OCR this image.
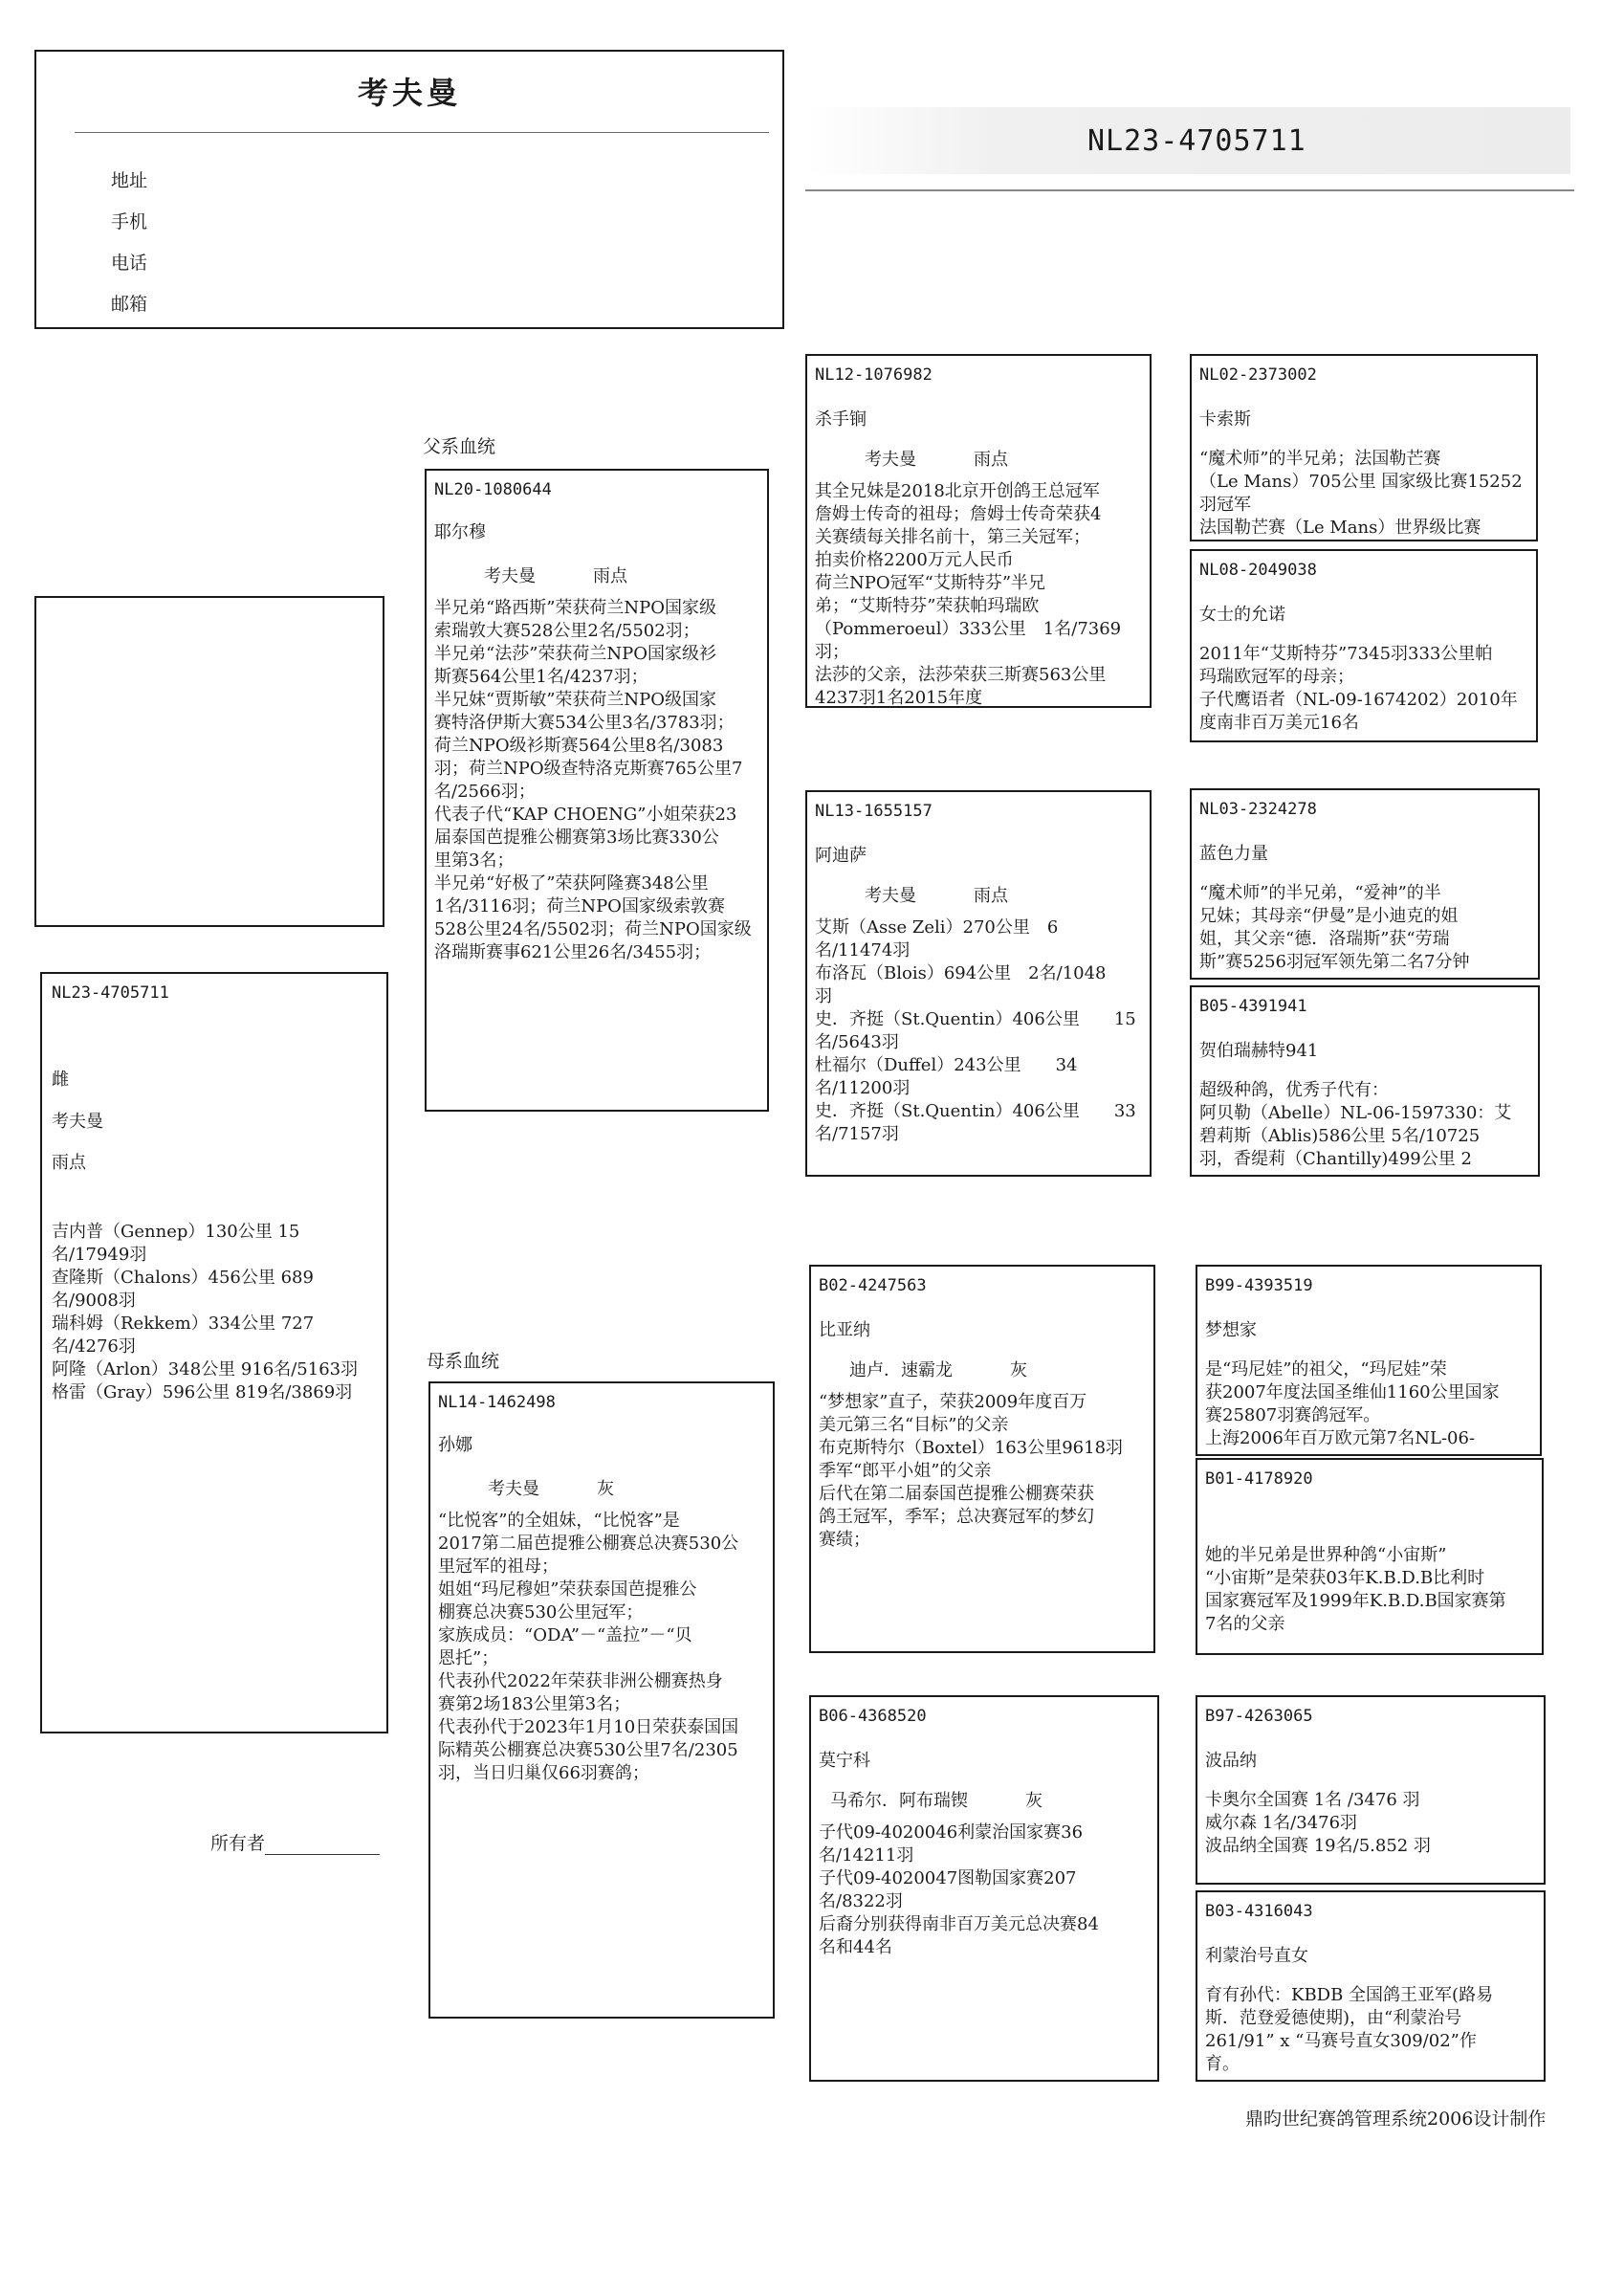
考夫曼
地址
手机
电话
邮箱
NL23-4705711
父系血统
母系血统
NL23-4705711
雌
考夫曼
雨点
吉内普（Gennep）130公里 15
名/17949羽
查隆斯（Chalons）456公里 689
名/9008羽
瑞科姆（Rekkem）334公里 727
名/4276羽
阿隆（Arlon）348公里 916名/5163羽
格雷（Gray）596公里 819名/3869羽
NL20-1080644
耶尔穆
考夫曼	雨点
半兄弟“路西斯”荣获荷兰NPO国家级
索瑞敦大赛528公里2名/5502羽；
半兄弟“法莎”荣获荷兰NPO国家级衫
斯赛564公里1名/4237羽；
半兄妹“贾斯敏”荣获荷兰NPO级国家
赛特洛伊斯大赛534公里3名/3783羽；
荷兰NPO级衫斯赛564公里8名/3083
羽；荷兰NPO级查特洛克斯赛765公里7
名/2566羽；
代表子代“KAP CHOENG”小姐荣获23
届泰国芭提雅公棚赛第3场比赛330公
里第3名；
半兄弟“好极了”荣获阿隆赛348公里
1名/3116羽；荷兰NPO国家级索敦赛
528公里24名/5502羽；荷兰NPO国家级
洛瑞斯赛事621公里26名/3455羽；
NL14-1462498
孙娜
考夫曼	灰
“比悦客”的全姐妹，“比悦客”是
2017第二届芭提雅公棚赛总决赛530公
里冠军的祖母；
姐姐“玛尼穆妲”荣获泰国芭提雅公
棚赛总决赛530公里冠军；
家族成员：“ODA”－“盖拉”－“贝
恩托”；
代表孙代2022年荣获非洲公棚赛热身
赛第2场183公里第3名；
代表孙代于2023年1月10日荣获泰国国
际精英公棚赛总决赛530公里7名/2305
羽，当日归巢仅66羽赛鸽；
NL12-1076982
杀手锏
考夫曼	雨点
其全兄妹是2018北京开创鸽王总冠军
詹姆士传奇的祖母；詹姆士传奇荣获4
关赛绩每关排名前十，第三关冠军；
拍卖价格2200万元人民币
荷兰NPO冠军“艾斯特芬”半兄
弟；“艾斯特芬”荣获帕玛瑞欧
（Pommeroeul）333公里　1名/7369
羽；
法莎的父亲，法莎荣获三斯赛563公里
4237羽1名2015年度
NL13-1655157
阿迪萨
考夫曼	雨点
艾斯（Asse Zeli）270公里　6
名/11474羽
布洛瓦（Blois）694公里　2名/1048
羽
史．齐挺（St.Quentin）406公里　　15
名/5643羽
杜福尔（Duffel）243公里　　34
名/11200羽
史．齐挺（St.Quentin）406公里　　33
名/7157羽
B02-4247563
比亚纳
迪卢．速霸龙	灰
“梦想家”直子，荣获2009年度百万
美元第三名“目标”的父亲
布克斯特尔（Boxtel）163公里9618羽
季军“郎平小姐”的父亲
后代在第二届泰国芭提雅公棚赛荣获
鸽王冠军，季军；总决赛冠军的梦幻
赛绩；
B06-4368520
莫宁科
马希尔．阿布瑞锲	灰
子代09-4020046利蒙治国家赛36
名/14211羽
子代09-4020047图勒国家赛207
名/8322羽
后裔分别获得南非百万美元总决赛84
名和44名
NL02-2373002
卡索斯
“魔术师”的半兄弟；法国勒芒赛
（Le Mans）705公里 国家级比赛15252
羽冠军
法国勒芒赛（Le Mans）世界级比赛
NL08-2049038
女士的允诺
2011年“艾斯特芬”7345羽333公里帕
玛瑞欧冠军的母亲；
子代鹰语者（NL-09-1674202）2010年
度南非百万美元16名
NL03-2324278
蓝色力量
“魔术师”的半兄弟，“爱神”的半
兄妹；其母亲“伊曼”是小迪克的姐
姐，其父亲“德．洛瑞斯”获“劳瑞
斯”赛5256羽冠军领先第二名7分钟
B05-4391941
贺伯瑞赫特941
超级种鸽，优秀子代有：
阿贝勒（Abelle）NL-06-1597330：艾
碧莉斯（Ablis)586公里 5名/10725
羽，香缇莉（Chantilly)499公里 2
B99-4393519
梦想家
是“玛尼娃”的祖父，“玛尼娃”荣
获2007年度法国圣维仙1160公里国家
赛25807羽赛鸽冠军。
上海2006年百万欧元第7名NL-06-
B01-4178920
她的半兄弟是世界种鸽“小宙斯”
“小宙斯”是荣获03年K.B.D.B比利时
国家赛冠军及1999年K.B.D.B国家赛第
7名的父亲
B97-4263065
波品纳
卡奥尔全国赛 1名 /3476 羽
威尔森 1名/3476羽
波品纳全国赛 19名/5.852 羽
B03-4316043
利蒙治号直女
育有孙代：KBDB 全国鸽王亚军(路易
斯．范登爱德使期)，由“利蒙治号
261/91” x “马赛号直女309/02”作
育。
所有者
鼎昀世纪赛鸽管理系统2006设计制作
